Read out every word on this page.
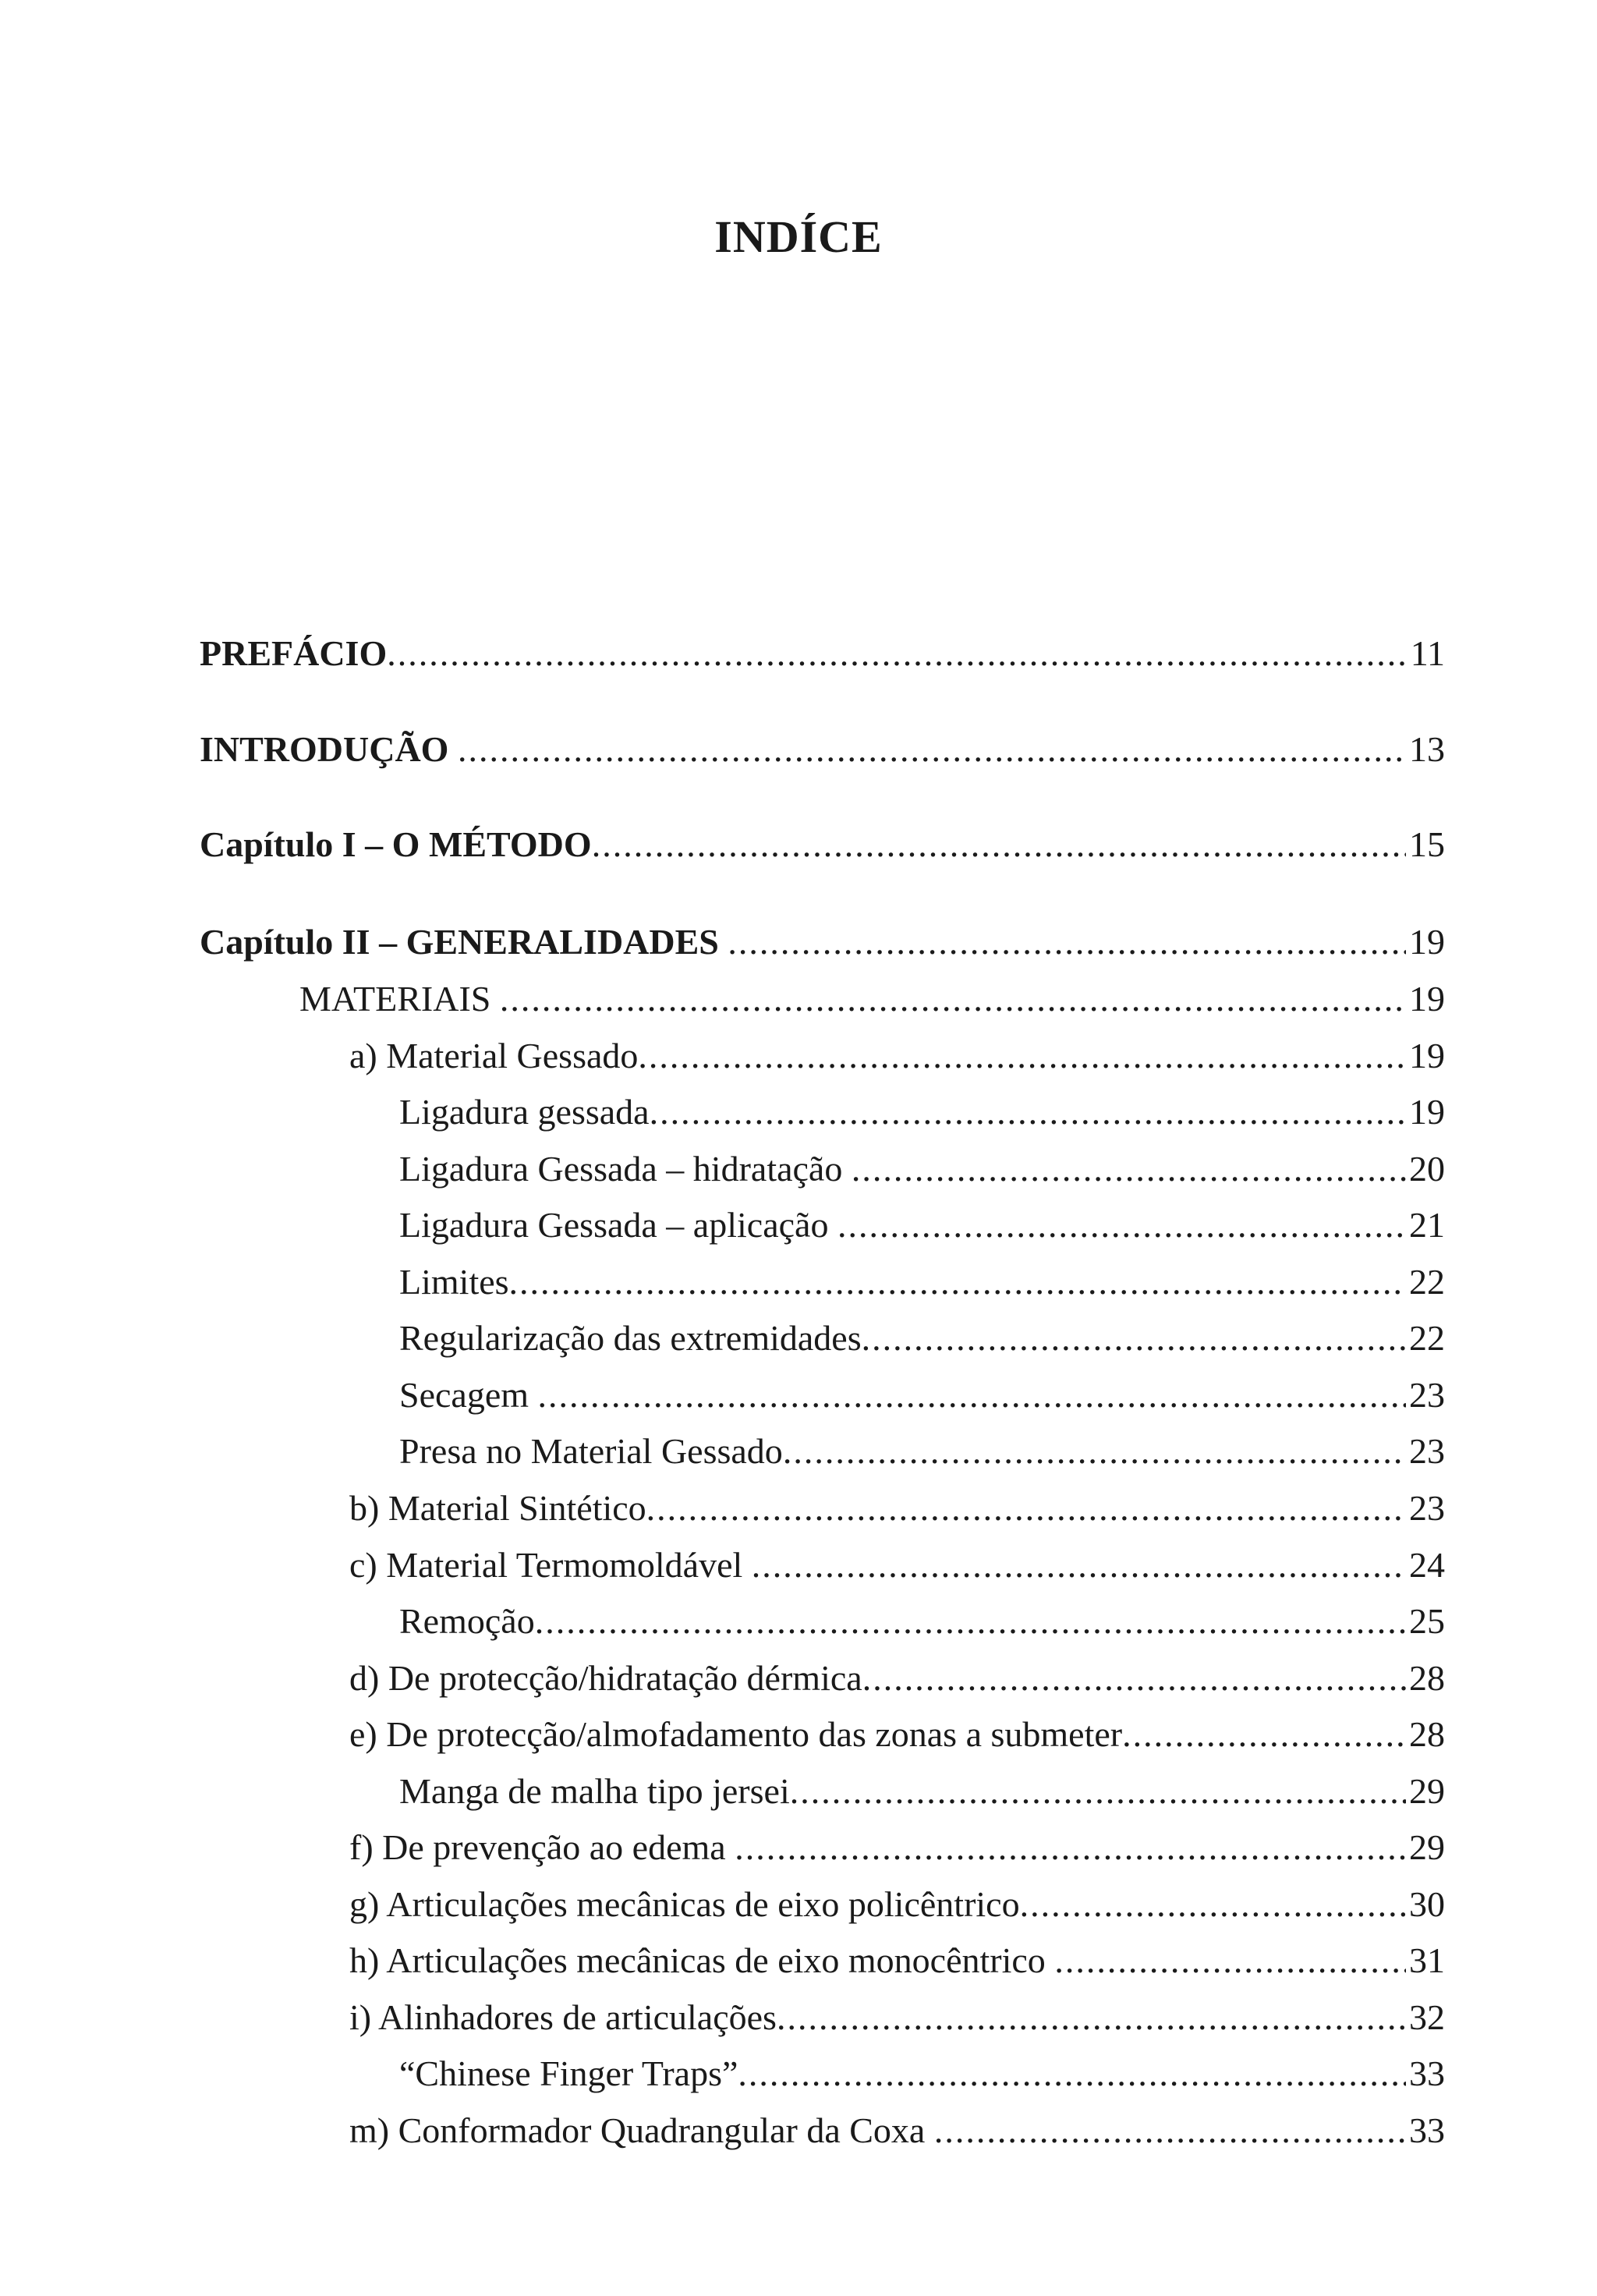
INDÍCE
PREFÁCIO .....	11
INTRODUÇÃO .....	13
Capítulo I – O MÉTODO .....	15
Capítulo II – GENERALIDADES .....	19
MATERIAIS .....	19
a) Material Gessado .....	19
Ligadura gessada .....	19
Ligadura Gessada – hidratação .....	20
Ligadura Gessada – aplicação .....	21
Limites .....	22
Regularização das extremidades .....	22
Secagem .....	23
Presa no Material Gessado .....	23
b) Material Sintético .....	23
c) Material Termomoldável .....	24
Remoção .....	25
d) De protecção/hidratação dérmica .....	28
e) De protecção/almofadamento das zonas a submeter .....	28
Manga de malha tipo jersei .....	29
f) De prevenção ao edema .....	29
g) Articulações mecânicas de eixo policêntrico .....	30
h) Articulações mecânicas de eixo monocêntrico .....	31
i) Alinhadores de articulações .....	32
“Chinese Finger Traps” .....	33
m) Conformador Quadrangular da Coxa .....	33
